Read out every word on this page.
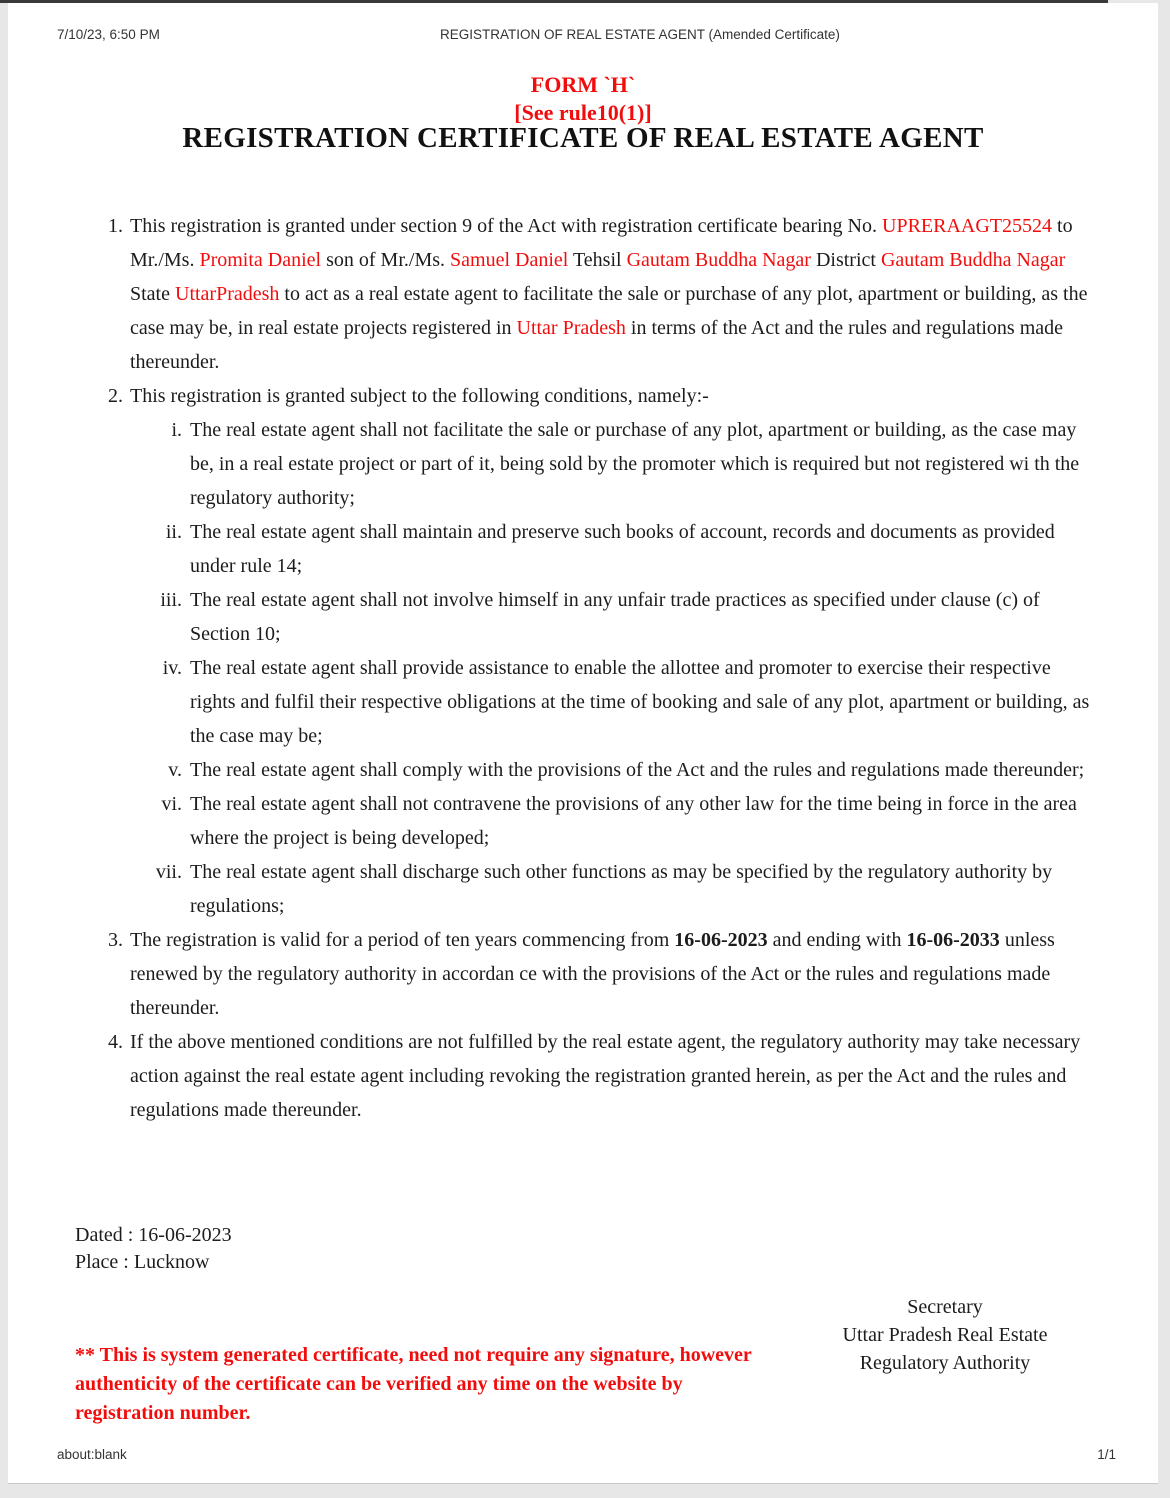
7/10/23, 6:50 PM	REGISTRATION OF REAL ESTATE AGENT (Amended Certificate)
FORM `H`
[See rule10(1)]
REGISTRATION CERTIFICATE OF REAL ESTATE AGENT
1. This registration is granted under section 9 of the Act with registration certificate bearing No. UPRERAAGT25524 to Mr./Ms. Promita Daniel son of Mr./Ms. Samuel Daniel Tehsil Gautam Buddha Nagar District Gautam Buddha Nagar State UttarPradesh to act as a real estate agent to facilitate the sale or purchase of any plot, apartment or building, as the case may be, in real estate projects registered in Uttar Pradesh in terms of the Act and the rules and regulations made thereunder.
2. This registration is granted subject to the following conditions, namely:-
i. The real estate agent shall not facilitate the sale or purchase of any plot, apartment or building, as the case may be, in a real estate project or part of it, being sold by the promoter which is required but not registered wi th the regulatory authority;
ii. The real estate agent shall maintain and preserve such books of account, records and documents as provided under rule 14;
iii. The real estate agent shall not involve himself in any unfair trade practices as specified under clause (c) of Section 10;
iv. The real estate agent shall provide assistance to enable the allottee and promoter to exercise their respective rights and fulfil their respective obligations at the time of booking and sale of any plot, apartment or building, as the case may be;
v. The real estate agent shall comply with the provisions of the Act and the rules and regulations made thereunder;
vi. The real estate agent shall not contravene the provisions of any other law for the time being in force in the area where the project is being developed;
vii. The real estate agent shall discharge such other functions as may be specified by the regulatory authority by regulations;
3. The registration is valid for a period of ten years commencing from 16-06-2023 and ending with 16-06-2033 unless renewed by the regulatory authority in accordan ce with the provisions of the Act or the rules and regulations made thereunder.
4. If the above mentioned conditions are not fulfilled by the real estate agent, the regulatory authority may take necessary action against the real estate agent including revoking the registration granted herein, as per the Act and the rules and regulations made thereunder.
Dated : 16-06-2023
Place : Lucknow
Secretary
Uttar Pradesh Real Estate
Regulatory Authority
** This is system generated certificate, need not require any signature, however authenticity of the certificate can be verified any time on the website by registration number.
about:blank	1/1
